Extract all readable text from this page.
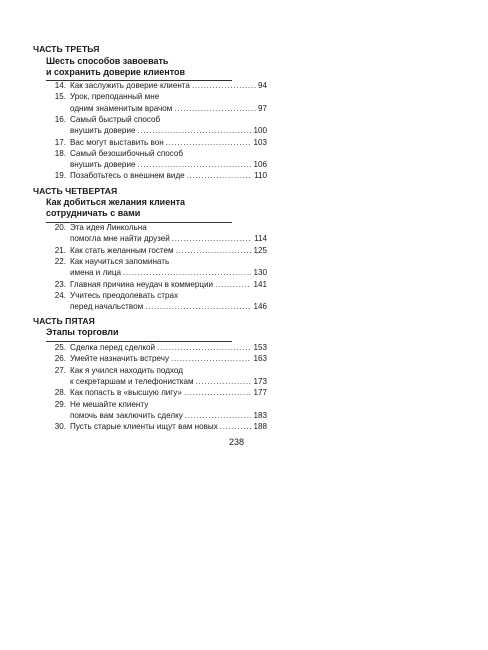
ЧАСТЬ ТРЕТЬЯ
Шесть способов завоевать
и сохранить доверие клиентов
14. Как заслужить доверие клиента .....	94
15. Урок, преподанный мне
одним знаменитым врачом .....	97
16. Самый быстрый способ
внушить доверие .....	100
17. Вас могут выставить вон .....	103
18. Самый безошибочный способ
внушить доверие .....	106
19. Позаботьтесь о внешнем виде .....	110
ЧАСТЬ ЧЕТВЕРТАЯ
Как добиться желания клиента
сотрудничать с вами
20. Эта идея Линкольна
помогла мне найти друзей .....	114
21. Как стать желанным гостем .....	125
22. Как научиться запоминать
имена и лица .....	130
23. Главная причина неудач в коммерции .....	141
24. Учитесь преодолевать страх
перед начальством .....	146
ЧАСТЬ ПЯТАЯ
Этапы торговли
25. Сделка перед сделкой .....	153
26. Умейте назначить встречу .....	163
27. Как я учился находить подход
к секретаршам и телефонисткам .....	173
28. Как попасть в «высшую лигу» .....	177
29. Не мешайте клиенту
помочь вам заключить сделку .....	183
30. Пусть старые клиенты ищут вам новых .....	188
238
